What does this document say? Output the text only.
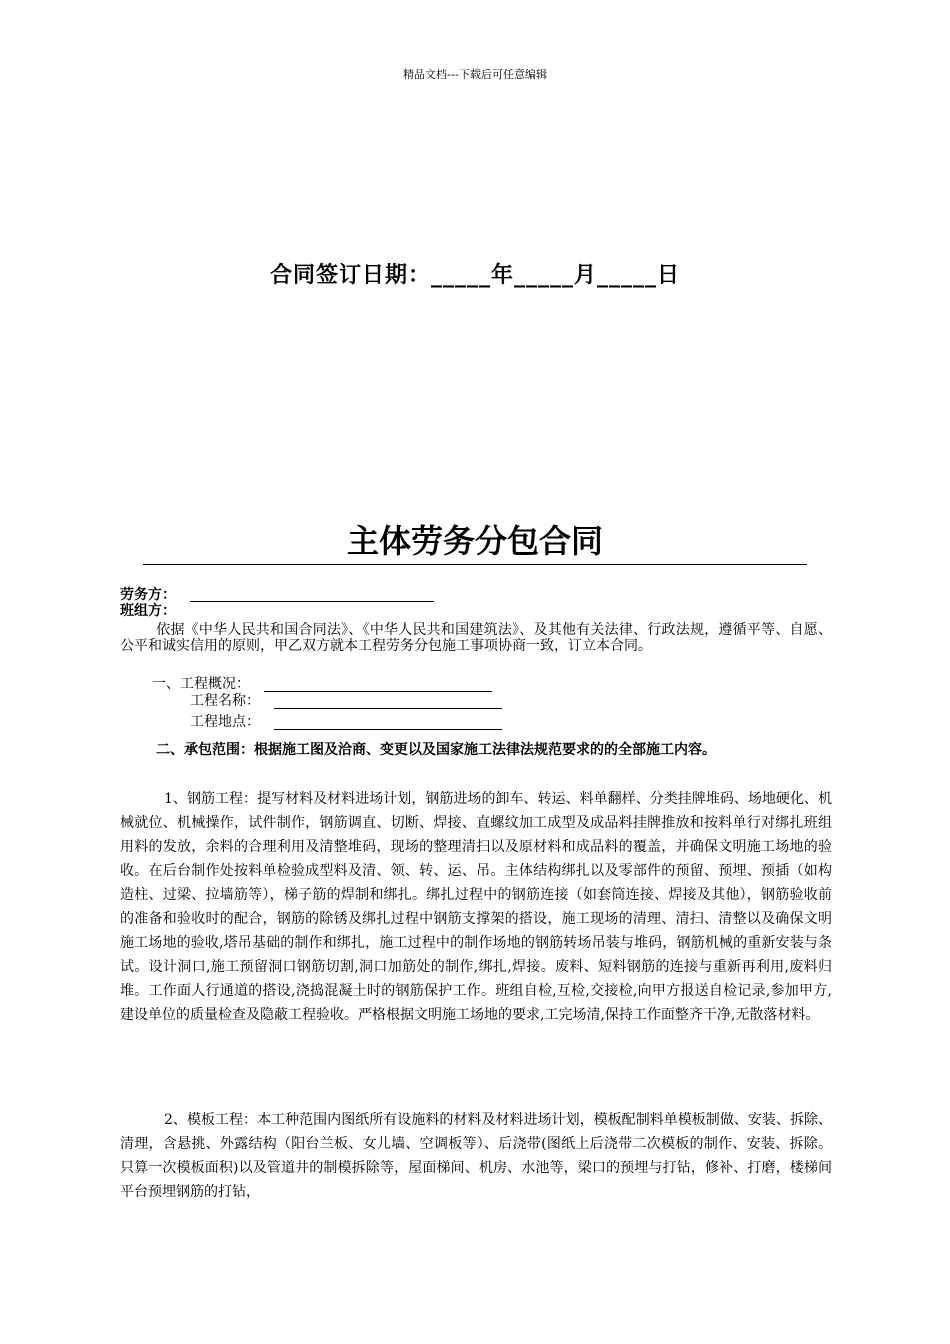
精品文档---下载后可任意编辑
合同签订日期：_____年_____月_____日
主体劳务分包合同
劳务方：
班组方：
依据《中华人民共和国合同法》、《中华人民共和国建筑法》、及其他有关法律、行政法规，遵循平等、自愿、公平和诚实信用的原则，甲乙双方就本工程劳务分包施工事项协商一致，订立本合同。
一、工程概况：
工程名称：
工程地点：
二、承包范围：根据施工图及洽商、变更以及国家施工法律法规范要求的的全部施工内容。
1、钢筋工程：提写材料及材料进场计划，钢筋进场的卸车、转运、料单翻样、分类挂牌堆码、场地硬化、机械就位、机械操作，试件制作，钢筋调直、切断、焊接、直螺纹加工成型及成品料挂牌推放和按料单行对绑扎班组用料的发放，余料的合理利用及清整堆码，现场的整理清扫以及原材料和成品料的覆盖，并确保文明施工场地的验收。在后台制作处按料单检验成型料及清、领、转、运、吊。主体结构绑扎以及零部件的预留、预埋、预插（如构造柱、过梁、拉墙筋等），梯子筋的焊制和绑扎。绑扎过程中的钢筋连接（如套筒连接、焊接及其他），钢筋验收前的准备和验收时的配合，钢筋的除锈及绑扎过程中钢筋支撑架的搭设，施工现场的清理、清扫、清整以及确保文明施工场地的验收,塔吊基础的制作和绑扎，施工过程中的制作场地的钢筋转场吊装与堆码，钢筋机械的重新安装与条试。设计洞口,施工预留洞口钢筋切割,洞口加筋处的制作,绑扎,焊接。废料、短料钢筋的连接与重新再利用,废料归堆。工作面人行通道的搭设,浇捣混凝土时的钢筋保护工作。班组自检,互检,交接检,向甲方报送自检记录,参加甲方,建设单位的质量检查及隐蔽工程验收。严格根据文明施工场地的要求,工完场清,保持工作面整齐干净,无散落材料。
2、模板工程：本工种范围内图纸所有设施料的材料及材料进场计划，模板配制料单模板制做、安装、拆除、清理，含悬挑、外露结构（阳台兰板、女儿墙、空调板等）、后浇带(图纸上后浇带二次模板的制作、安装、拆除。只算一次模板面积)以及管道井的制模拆除等，屋面梯间、机房、水池等，梁口的预埋与打钻，修补、打磨，楼梯间平台预埋钢筋的打钻，
